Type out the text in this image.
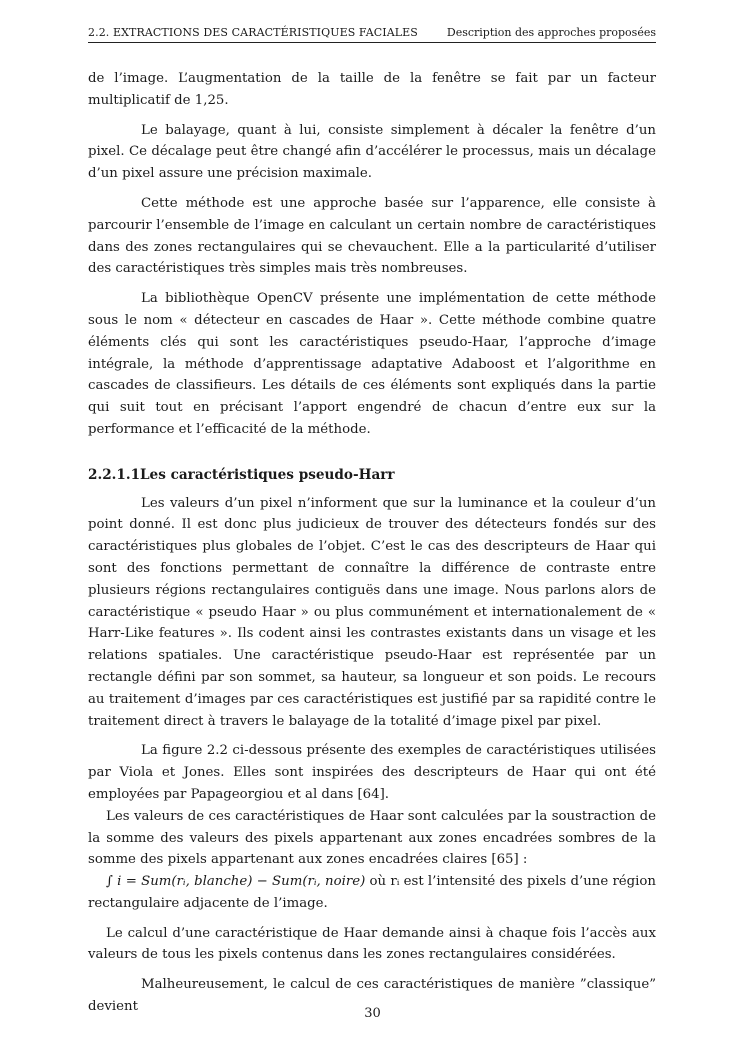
2.2. EXTRACTIONS DES CARACTÉRISTIQUES FACIALES	Description des approches proposées

de l’image. L’augmentation de la taille de la fenêtre se fait par un facteur multiplicatif de 1,25.

Le balayage, quant à lui, consiste simplement à décaler la fenêtre d’un pixel. Ce décalage peut être changé afin d’accélérer le processus, mais un décalage d’un pixel assure une précision maximale.

Cette méthode est une approche basée sur l’apparence, elle consiste à parcourir l’ensemble de l’image en calculant un certain nombre de caractéristiques dans des zones rectangulaires qui se chevauchent. Elle a la particularité d’utiliser des caractéristiques très simples mais très nombreuses.

La bibliothèque OpenCV présente une implémentation de cette méthode sous le nom « détecteur en cascades de Haar ». Cette méthode combine quatre éléments clés qui sont les caractéristiques pseudo-Haar, l’approche d’image intégrale, la méthode d’apprentissage adaptative Adaboost et l’algorithme en cascades de classifieurs. Les détails de ces éléments sont expliqués dans la partie qui suit tout en précisant l’apport engendré de chacun d’entre eux sur la performance et l’efficacité de la méthode.

2.2.1.1Les caractéristiques pseudo-Harr

Les valeurs d’un pixel n’informent que sur la luminance et la couleur d’un point donné. Il est donc plus judicieux de trouver des détecteurs fondés sur des caractéristiques plus globales de l’objet. C’est le cas des descripteurs de Haar qui sont des fonctions permettant de connaître la différence de contraste entre plusieurs régions rectangulaires contiguës dans une image. Nous parlons alors de caractéristique « pseudo Haar » ou plus communément et internationalement de « Harr-Like features ». Ils codent ainsi les contrastes existants dans un visage et les relations spatiales. Une caractéristique pseudo-Haar est représentée par un rectangle défini par son sommet, sa hauteur, sa longueur et son poids. Le recours au traitement d’images par ces caractéristiques est justifié par sa rapidité contre le traitement direct à travers le balayage de la totalité d’image pixel par pixel.

La figure 2.2 ci-dessous présente des exemples de caractéristiques utilisées par Viola et Jones. Elles sont inspirées des descripteurs de Haar qui ont été employées par Papageorgiou et al dans [64].

Les valeurs de ces caractéristiques de Haar sont calculées par la soustraction de la somme des valeurs des pixels appartenant aux zones encadrées sombres de la somme des pixels appartenant aux zones encadrées claires [65] :

∫ i = Sum(rᵢ, blanche) − Sum(rᵢ, noire) où rᵢ est l’intensité des pixels d’une région rectangulaire adjacente de l’image.

Le calcul d’une caractéristique de Haar demande ainsi à chaque fois l’accès aux valeurs de tous les pixels contenus dans les zones rectangulaires considérées.

Malheureusement, le calcul de ces caractéristiques de manière ”classique” devient	30
